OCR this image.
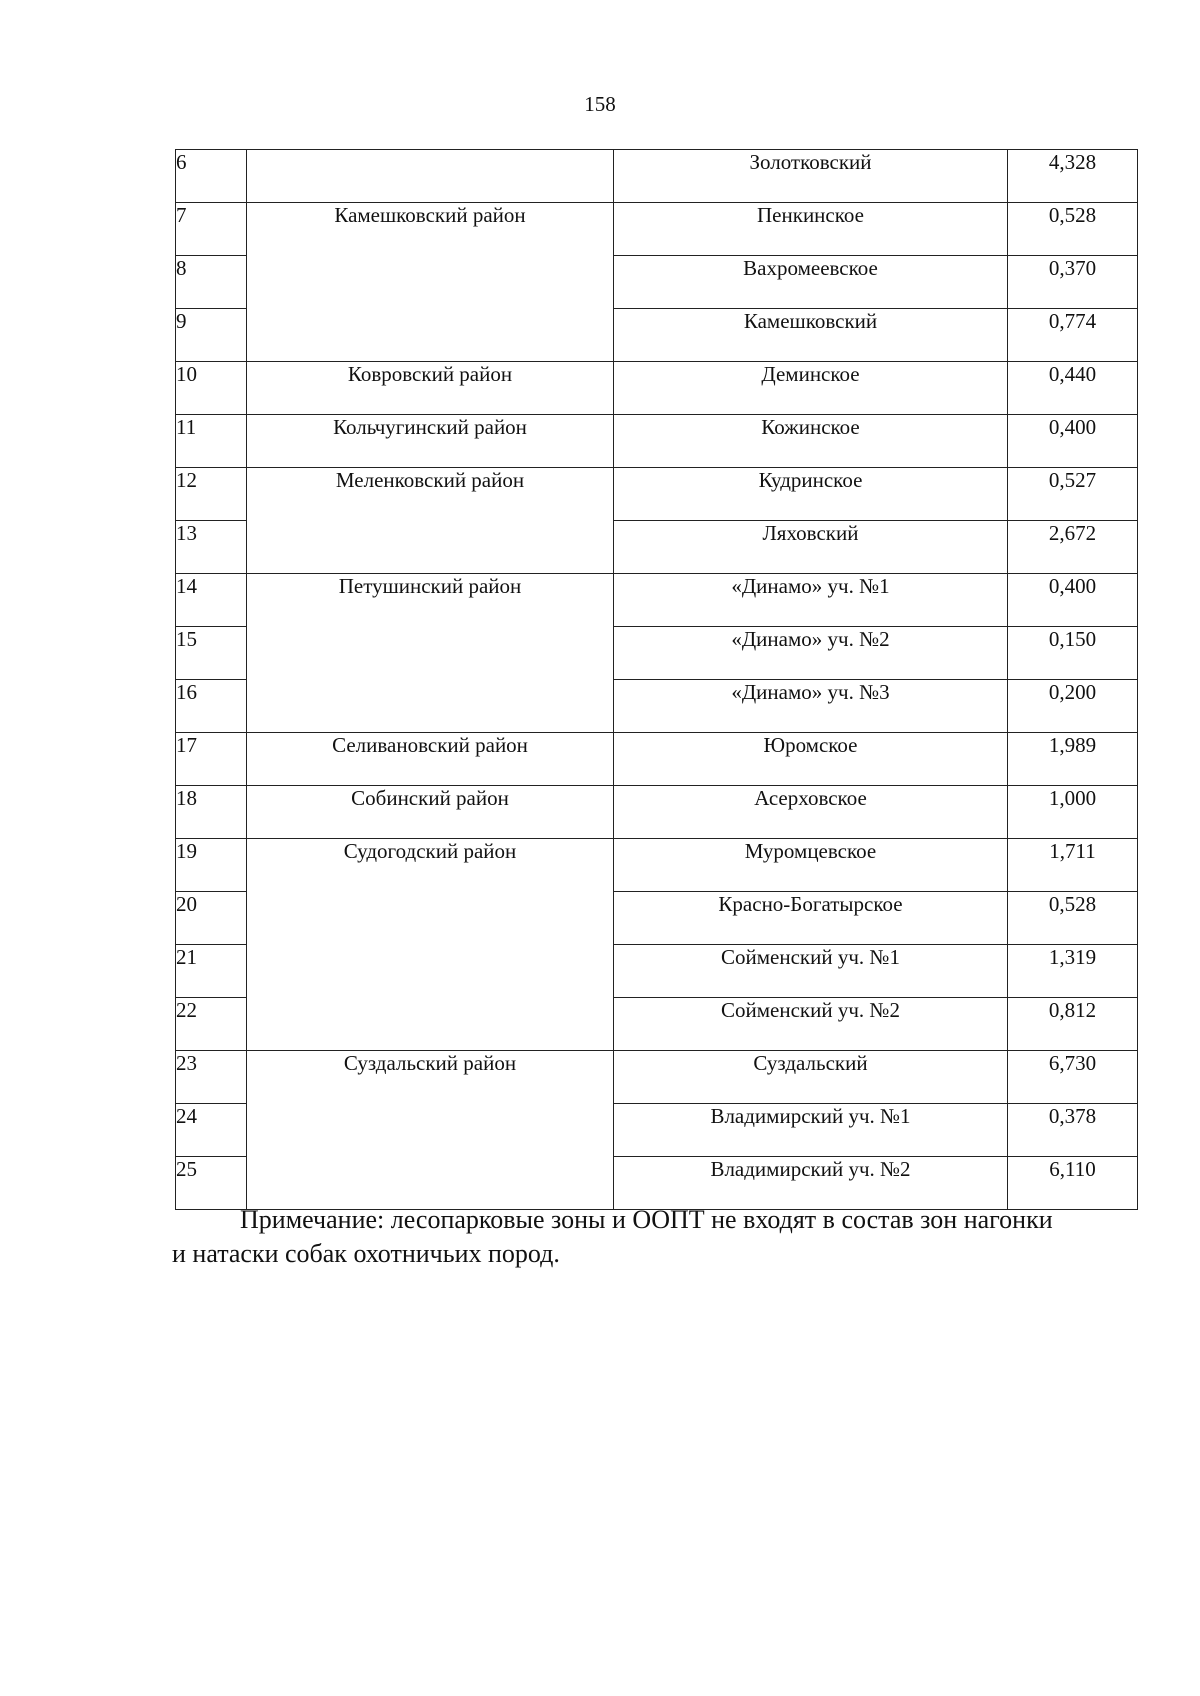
158
6		Золотковский	4,328
7	Камешковский район	Пенкинское	0,528
8		Вахромеевское	0,370
9		Камешковский	0,774
10	Ковровский район	Деминское	0,440
11	Кольчугинский район	Кожинское	0,400
12	Меленковский район	Кудринское	0,527
13		Ляховский	2,672
14	Петушинский район	«Динамо» уч. №1	0,400
15		«Динамо» уч. №2	0,150
16		«Динамо» уч. №3	0,200
17	Селивановский район	Юромское	1,989
18	Собинский район	Асерховское	1,000
19	Судогодский район	Муромцевское	1,711
20		Красно-Богатырское	0,528
21		Сойменский уч. №1	1,319
22		Сойменский уч. №2	0,812
23	Суздальский район	Суздальский	6,730
24		Владимирский уч. №1	0,378
25		Владимирский уч. №2	6,110
Примечание: лесопарковые зоны и ООПТ не входят в состав зон нагонки
и натаски собак охотничьих пород.
